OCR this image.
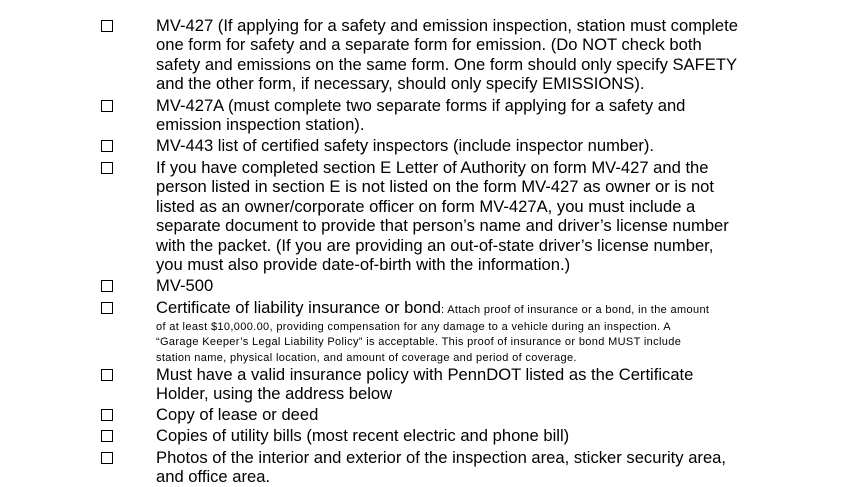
MV-427 (If applying for a safety and emission inspection, station must complete
one form for safety and a separate form for emission. (Do NOT check both
safety and emissions on the same form. One form should only specify SAFETY
and the other form, if necessary, should only specify EMISSIONS).
MV-427A (must complete two separate forms if applying for a safety and
emission inspection station).
MV-443 list of certified safety inspectors (include inspector number).
If you have completed section E Letter of Authority on form MV-427 and the
person listed in section E is not listed on the form MV-427 as owner or is not
listed as an owner/corporate officer on form MV-427A, you must include a
separate document to provide that person’s name and driver’s license number
with the packet. (If you are providing an out-of-state driver’s license number,
you must also provide date-of-birth with the information.)
MV-500
Certificate of liability insurance or bond: Attach proof of insurance or a bond, in the amount
of at least $10,000.00, providing compensation for any damage to a vehicle during an inspection. A
“Garage Keeper’s Legal Liability Policy” is acceptable. This proof of insurance or bond MUST include
station name, physical location, and amount of coverage and period of coverage.
Must have a valid insurance policy with PennDOT listed as the Certificate
Holder, using the address below
Copy of lease or deed
Copies of utility bills (most recent electric and phone bill)
Photos of the interior and exterior of the inspection area, sticker security area,
and office area.
